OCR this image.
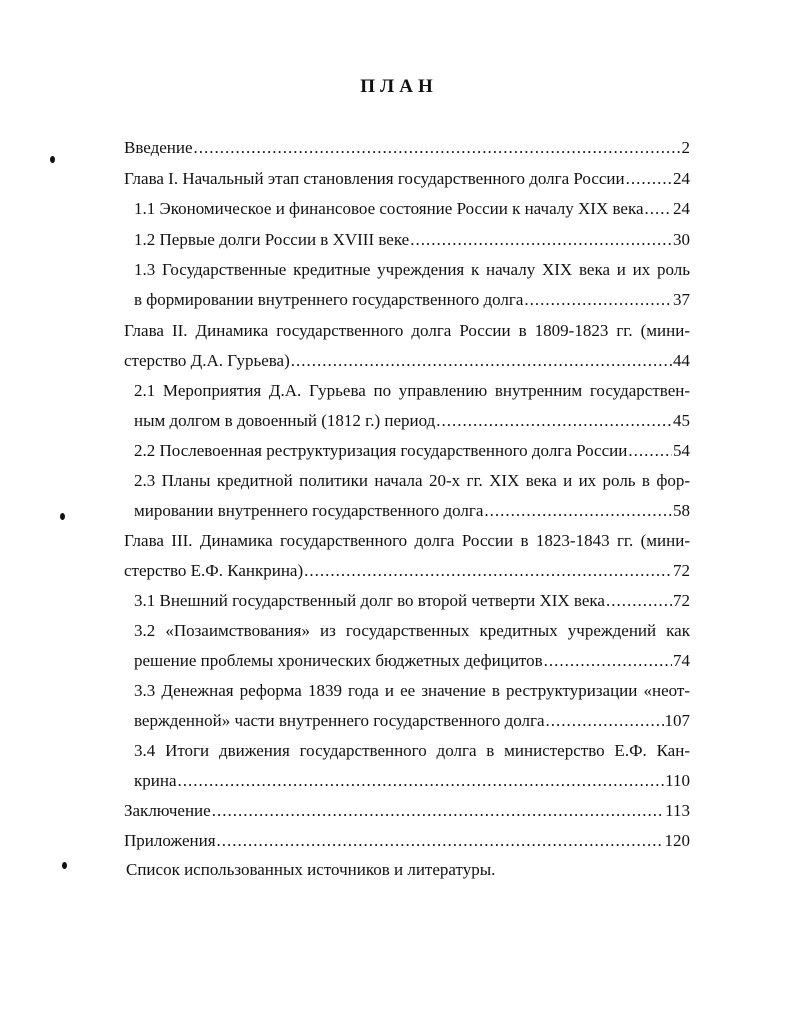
ПЛАН
Введение .....	2
Глава I. Начальный этап становления государственного долга России .....	24
1.1 Экономическое и финансовое состояние России к началу XIX века ..... 24
1.2 Первые долги России в XVIII веке .....	30
1.3 Государственные кредитные учреждения к началу XIX века и их роль
в формировании внутреннего государственного долга .....	37
Глава II. Динамика государственного долга России в 1809-1823 гг. (мини-
стерство Д.А. Гурьева) .....	44
2.1 Мероприятия Д.А. Гурьева по управлению внутренним государствен-
ным долгом в довоенный (1812 г.) период .....	45
2.2 Послевоенная реструктуризация государственного долга России .....	54
2.3 Планы кредитной политики начала 20-х гг. XIX века и их роль в фор-
мировании внутреннего государственного долга .....	58
Глава III. Динамика государственного долга России в 1823-1843 гг. (мини-
стерство Е.Ф. Канкрина) .....	72
3.1 Внешний государственный долг во второй четверти XIX века .....	72
3.2 «Позаимствования» из государственных кредитных учреждений как
решение проблемы хронических бюджетных дефицитов .....	74
3.3 Денежная реформа 1839 года и ее значение в реструктуризации «неот-
вержденной» части внутреннего государственного долга .....	107
3.4 Итоги движения государственного долга в министерство Е.Ф. Кан-
крина .....	110
Заключение .....	113
Приложения .....	120
Список использованных источников и литературы.
